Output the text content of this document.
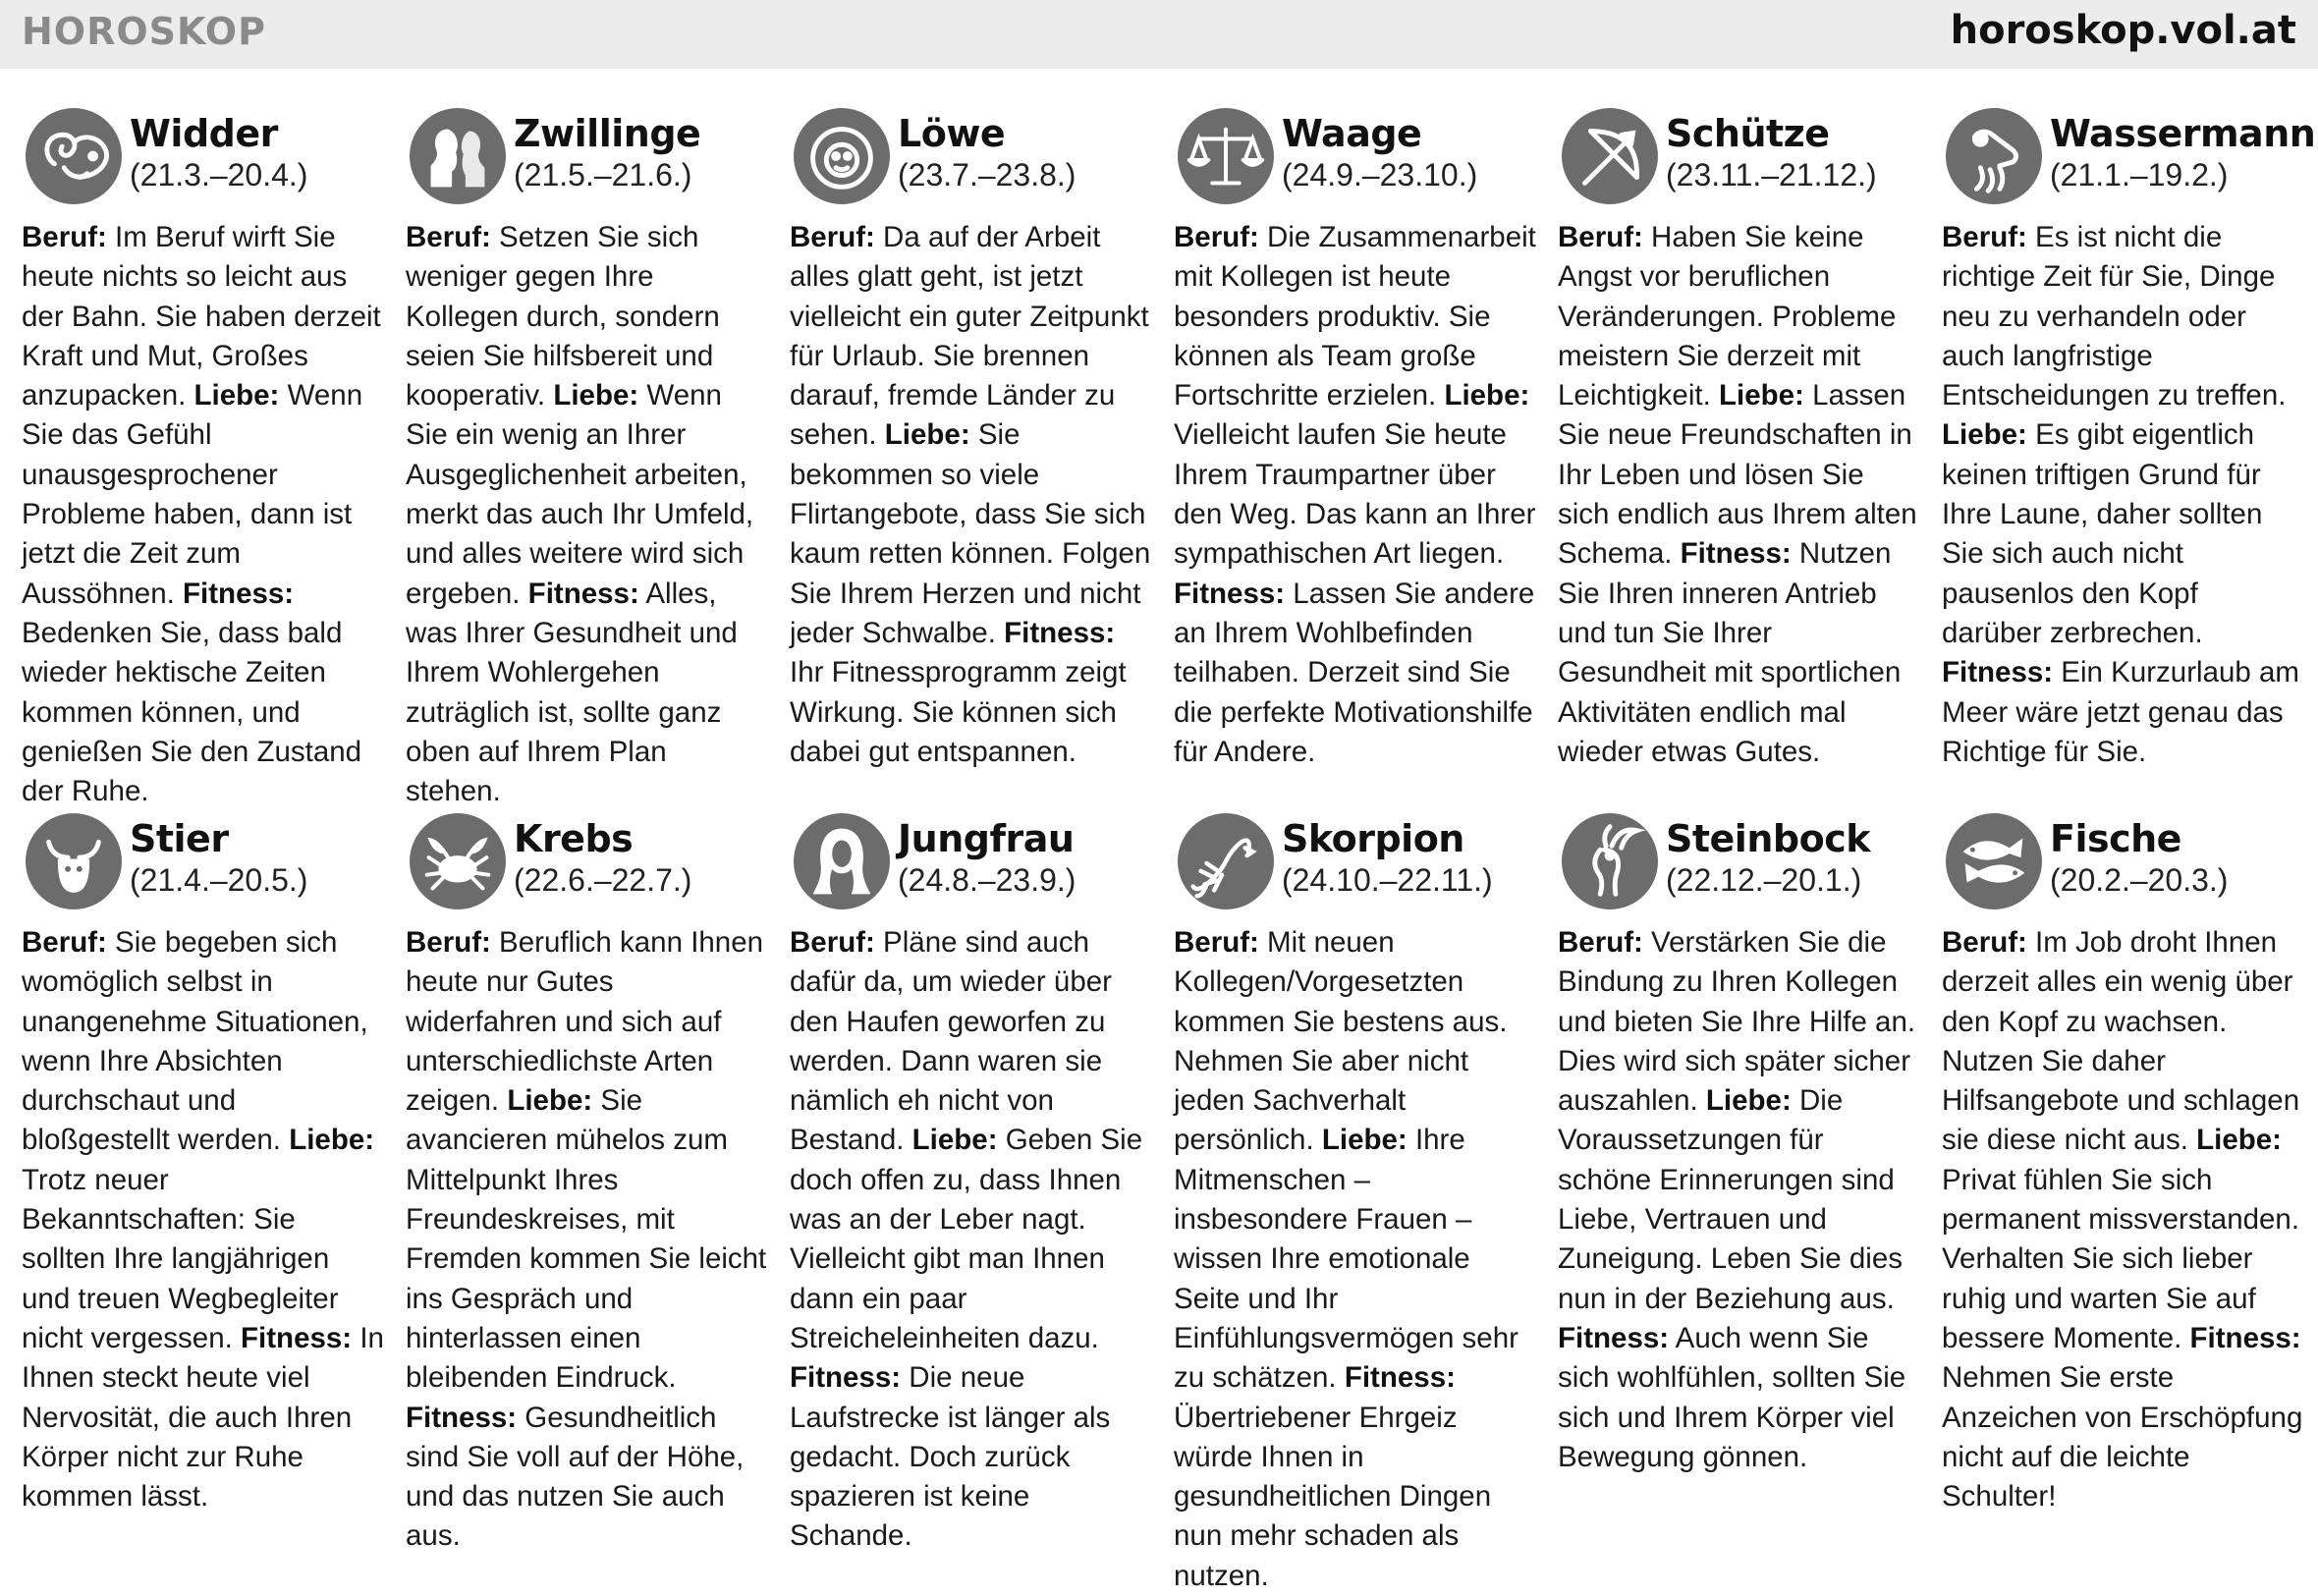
HOROSKOP	horoskop.vol.at
Widder
(21.3.–20.4.)
Beruf: Im Beruf wirft Sie heute nichts so leicht aus der Bahn. Sie haben derzeit Kraft und Mut, Großes anzupacken. Liebe: Wenn Sie das Gefühl unausgesprochener Probleme haben, dann ist jetzt die Zeit zum Aussöhnen. Fitness: Bedenken Sie, dass bald wieder hektische Zeiten kommen können, und genießen Sie den Zustand der Ruhe.
Zwillinge
(21.5.–21.6.)
Beruf: Setzen Sie sich weniger gegen Ihre Kollegen durch, sondern seien Sie hilfsbereit und kooperativ. Liebe: Wenn Sie ein wenig an Ihrer Ausgeglichenheit arbeiten, merkt das auch Ihr Umfeld, und alles weitere wird sich ergeben. Fitness: Alles, was Ihrer Gesundheit und Ihrem Wohlergehen zuträglich ist, sollte ganz oben auf Ihrem Plan stehen.
Löwe
(23.7.–23.8.)
Beruf: Da auf der Arbeit alles glatt geht, ist jetzt vielleicht ein guter Zeitpunkt für Urlaub. Sie brennen darauf, fremde Länder zu sehen. Liebe: Sie bekommen so viele Flirtangebote, dass Sie sich kaum retten können. Folgen Sie Ihrem Herzen und nicht jeder Schwalbe. Fitness: Ihr Fitnessprogramm zeigt Wirkung. Sie können sich dabei gut entspannen.
Waage
(24.9.–23.10.)
Beruf: Die Zusammenarbeit mit Kollegen ist heute besonders produktiv. Sie können als Team große Fortschritte erzielen. Liebe: Vielleicht laufen Sie heute Ihrem Traumpartner über den Weg. Das kann an Ihrer sympathischen Art liegen. Fitness: Lassen Sie andere an Ihrem Wohlbefinden teilhaben. Derzeit sind Sie die perfekte Motivationshilfe für Andere.
Schütze
(23.11.–21.12.)
Beruf: Haben Sie keine Angst vor beruflichen Veränderungen. Probleme meistern Sie derzeit mit Leichtigkeit. Liebe: Lassen Sie neue Freundschaften in Ihr Leben und lösen Sie sich endlich aus Ihrem alten Schema. Fitness: Nutzen Sie Ihren inneren Antrieb und tun Sie Ihrer Gesundheit mit sportlichen Aktivitäten endlich mal wieder etwas Gutes.
Wassermann
(21.1.–19.2.)
Beruf: Es ist nicht die richtige Zeit für Sie, Dinge neu zu verhandeln oder auch langfristige Entscheidungen zu treffen. Liebe: Es gibt eigentlich keinen triftigen Grund für Ihre Laune, daher sollten Sie sich auch nicht pausenlos den Kopf darüber zerbrechen. Fitness: Ein Kurzurlaub am Meer wäre jetzt genau das Richtige für Sie.
Stier
(21.4.–20.5.)
Beruf: Sie begeben sich womöglich selbst in unangenehme Situationen, wenn Ihre Absichten durchschaut und bloßgestellt werden. Liebe: Trotz neuer Bekanntschaften: Sie sollten Ihre langjährigen und treuen Wegbegleiter nicht vergessen. Fitness: In Ihnen steckt heute viel Nervosität, die auch Ihren Körper nicht zur Ruhe kommen lässt.
Krebs
(22.6.–22.7.)
Beruf: Beruflich kann Ihnen heute nur Gutes widerfahren und sich auf unterschiedlichste Arten zeigen. Liebe: Sie avancieren mühelos zum Mittelpunkt Ihres Freundeskreises, mit Fremden kommen Sie leicht ins Gespräch und hinterlassen einen bleibenden Eindruck. Fitness: Gesundheitlich sind Sie voll auf der Höhe, und das nutzen Sie auch aus.
Jungfrau
(24.8.–23.9.)
Beruf: Pläne sind auch dafür da, um wieder über den Haufen geworfen zu werden. Dann waren sie nämlich eh nicht von Bestand. Liebe: Geben Sie doch offen zu, dass Ihnen was an der Leber nagt. Vielleicht gibt man Ihnen dann ein paar Streicheleinheiten dazu. Fitness: Die neue Laufstrecke ist länger als gedacht. Doch zurück spazieren ist keine Schande.
Skorpion
(24.10.–22.11.)
Beruf: Mit neuen Kollegen/Vorgesetzten kommen Sie bestens aus. Nehmen Sie aber nicht jeden Sachverhalt persönlich. Liebe: Ihre Mitmenschen – insbesondere Frauen – wissen Ihre emotionale Seite und Ihr Einfühlungsvermögen sehr zu schätzen. Fitness: Übertriebener Ehrgeiz würde Ihnen in gesundheitlichen Dingen nun mehr schaden als nutzen.
Steinbock
(22.12.–20.1.)
Beruf: Verstärken Sie die Bindung zu Ihren Kollegen und bieten Sie Ihre Hilfe an. Dies wird sich später sicher auszahlen. Liebe: Die Voraussetzungen für schöne Erinnerungen sind Liebe, Vertrauen und Zuneigung. Leben Sie dies nun in der Beziehung aus. Fitness: Auch wenn Sie sich wohlfühlen, sollten Sie sich und Ihrem Körper viel Bewegung gönnen.
Fische
(20.2.–20.3.)
Beruf: Im Job droht Ihnen derzeit alles ein wenig über den Kopf zu wachsen. Nutzen Sie daher Hilfsangebote und schlagen sie diese nicht aus. Liebe: Privat fühlen Sie sich permanent missverstanden. Verhalten Sie sich lieber ruhig und warten Sie auf bessere Momente. Fitness: Nehmen Sie erste Anzeichen von Erschöpfung nicht auf die leichte Schulter!
